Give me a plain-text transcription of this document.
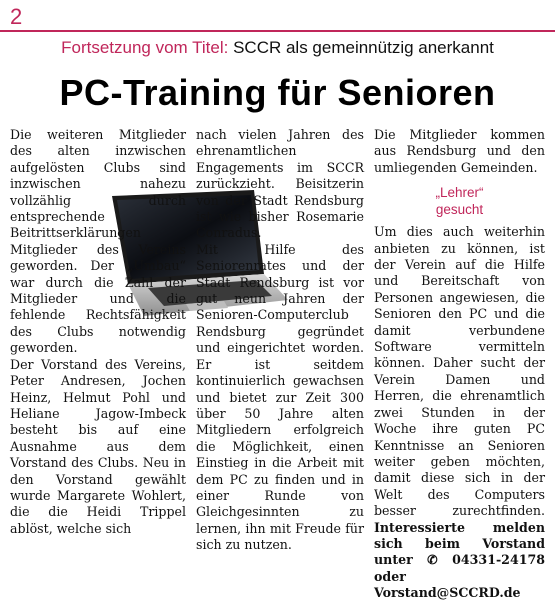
2
Fortsetzung vom Titel: SCCR als gemeinnützig anerkannt
PC-Training für Senioren

Die weiteren Mitglieder des alten inzwischen aufgelösten Clubs sind inzwischen nahezu vollzählig durch entsprechende Beitrittserklärungen Mitglieder des Vereins geworden. Der „Umbau“ war durch die Zahl der Mitglieder und die fehlende Rechtsfähigkeit des Clubs notwendig geworden.

Der Vorstand des Vereins, Peter Andresen, Jochen Heinz, Helmut Pohl und Heliane Jagow-Imbeck besteht bis auf eine Ausnahme aus dem Vorstand des Clubs. Neu in den Vorstand gewählt wurde Margarete Wohlert, die die Heidi Trippel ablöst, welche sich

nach vielen Jahren des ehrenamtlichen Engagements im SCCR zurückzieht. Beisitzerin von der Stadt Rendsburg ist wie bisher Rosemarie Conradus.

Mit Hilfe des Seniorenrates und der Stadt Rendsburg ist vor gut neun Jahren der Senioren-Computerclub Rendsburg gegründet und eingerichtet worden. Er ist seitdem kontinuierlich gewachsen und bietet zur Zeit 300 über 50 Jahre alten Mitgliedern erfolgreich die Möglichkeit, einen Einstieg in die Arbeit mit dem PC zu finden und in einer Runde von Gleichgesinnten zu lernen, ihn mit Freude für sich zu nutzen.

Die Mitglieder kommen aus Rendsburg und den umliegenden Gemeinden.

„Lehrer“
gesucht

Um dies auch weiterhin anbieten zu können, ist der Verein auf die Hilfe und Bereitschaft von Personen angewiesen, die Senioren den PC und die damit verbundene Software vermitteln können. Daher sucht der Verein Damen und Herren, die ehrenamtlich zwei Stunden in der Woche ihre guten PC Kenntnisse an Senioren weiter geben möchten, damit diese sich in der Welt des Computers besser zurechtfinden. Interessierte melden sich beim Vorstand unter ✆ 04331-24178 oder Vorstand@SCCRD.de
